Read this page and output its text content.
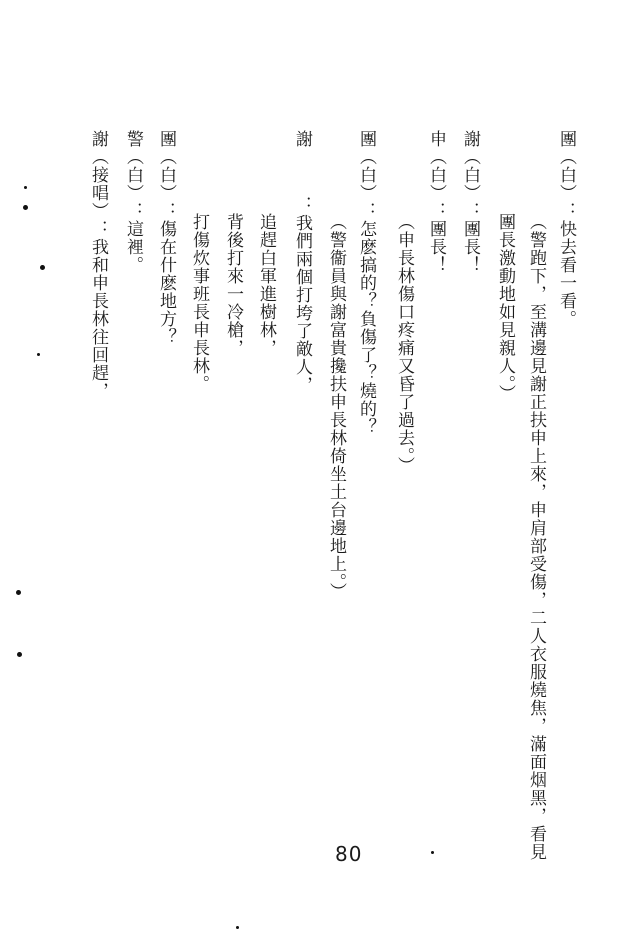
80
團（白）：快去看一看。
（警跑下，至溝邊見謝正扶申上來，申肩部受傷，二人衣服燒焦，滿面烟黑，看見
團長激動地如見親人。）
謝（白）：團長！
申（白）：團長！
（申長林傷口疼痛又昏了過去。）
團（白）：怎麽搞的？負傷了？燒的？
（警衞員與謝富貴攙扶申長林倚坐土台邊地上。）
謝
：我們兩個打垮了敵人，
追趕白軍進樹林，
背後打來一冷槍，
打傷炊事班長申長林。
團（白）：傷在什麽地方？
警（白）：這裡。
謝（接唱）：我和申長林往回趕，
